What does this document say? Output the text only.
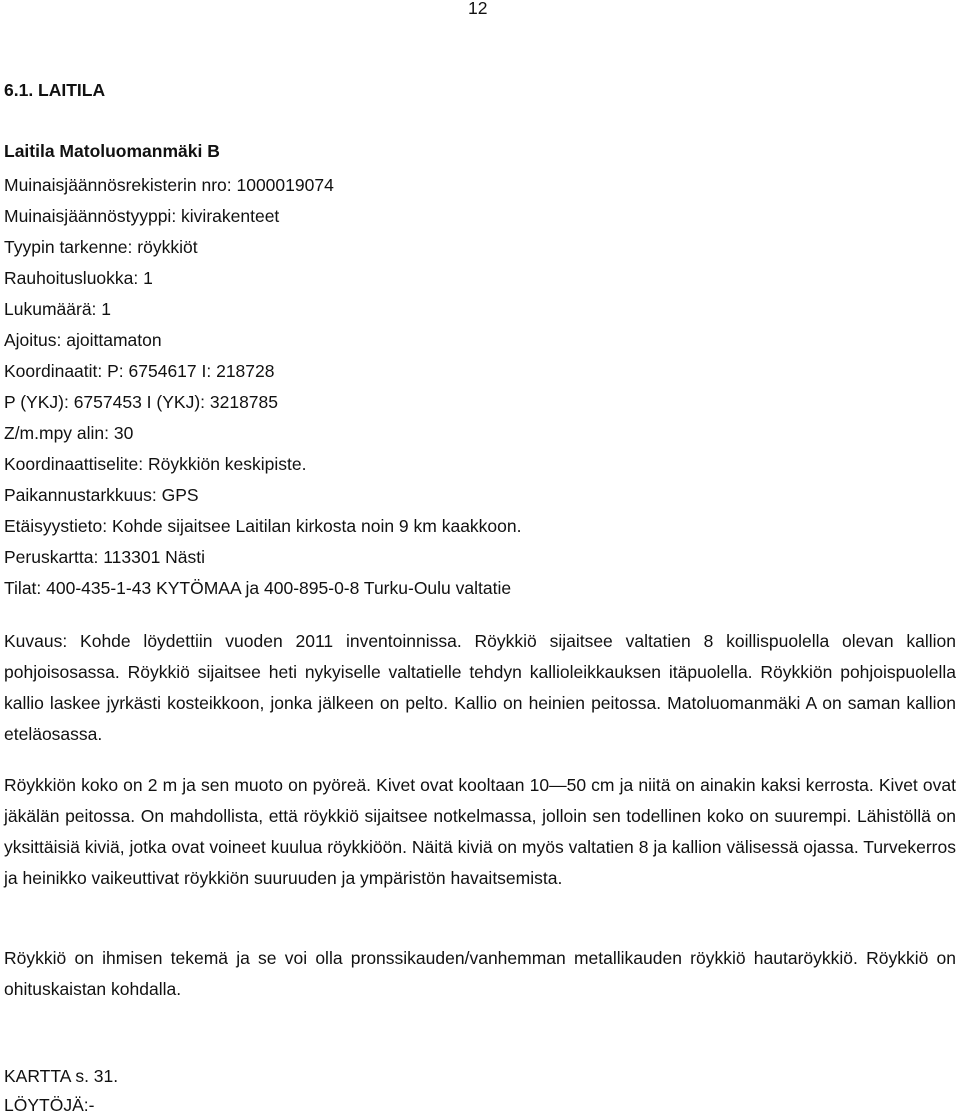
12
6.1. LAITILA
Laitila Matoluomanmäki B
Muinaisjäännösrekisterin nro: 1000019074
Muinaisjäännöstyyppi: kivirakenteet
Tyypin tarkenne: röykkiöt
Rauhoitusluokka: 1
Lukumäärä: 1
Ajoitus: ajoittamaton
Koordinaatit: P: 6754617 I: 218728
P (YKJ): 6757453 I (YKJ): 3218785
Z/m.mpy alin: 30
Koordinaattiselite: Röykkiön keskipiste.
Paikannustarkkuus: GPS
Etäisyystieto: Kohde sijaitsee Laitilan kirkosta noin 9 km kaakkoon.
Peruskartta: 113301 Nästi
Tilat: 400-435-1-43 KYTÖMAA ja 400-895-0-8 Turku-Oulu valtatie
Kuvaus: Kohde löydettiin vuoden 2011 inventoinnissa. Röykkiö sijaitsee valtatien 8 koillispuolella olevan kallion pohjoisosassa. Röykkiö sijaitsee heti nykyiselle valtatielle tehdyn kallioleikkauksen itäpuolella. Röykkiön pohjoispuolella kallio laskee jyrkästi kosteikkoon, jonka jälkeen on pelto. Kallio on heinien peitossa. Matoluomanmäki A on saman kallion eteläosassa.
Röykkiön koko on 2 m ja sen muoto on pyöreä. Kivet ovat kooltaan 10—50 cm ja niitä on ainakin kaksi kerrosta. Kivet ovat jäkälän peitossa. On mahdollista, että röykkiö sijaitsee notkelmassa, jolloin sen todellinen koko on suurempi. Lähistöllä on yksittäisiä kiviä, jotka ovat voineet kuulua röykkiöön. Näitä kiviä on myös valtatien 8 ja kallion välisessä ojassa. Turvekerros ja heinikko vaikeuttivat röykkiön suuruuden ja ympäristön havaitsemista.
Röykkiö on ihmisen tekemä ja se voi olla pronssikauden/vanhemman metallikauden röykkiö hautaröykkiö. Röykkiö on ohituskaistan kohdalla.
KARTTA s. 31.
LÖYTÖJÄ:-
